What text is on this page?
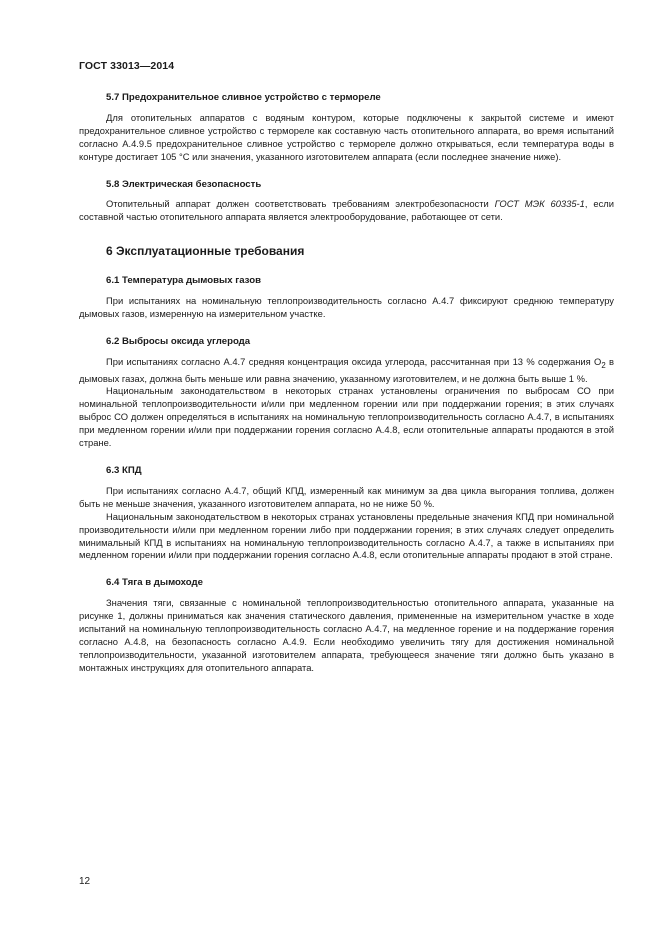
ГОСТ 33013—2014
5.7 Предохранительное сливное устройство с термореле

Для отопительных аппаратов с водяным контуром, которые подключены к закрытой системе и имеют предохранительное сливное устройство с термореле как составную часть отопительного аппарата, во время испытаний согласно А.4.9.5 предохранительное сливное устройство с термореле должно открываться, если температура воды в контуре достигает 105 °С или значения, указанного изготовителем аппарата (если последнее значение ниже).

5.8 Электрическая безопасность

Отопительный аппарат должен соответствовать требованиям электробезопасности ГОСТ МЭК 60335-1, если составной частью отопительного аппарата является электрооборудование, работающее от сети.

6 Эксплуатационные требования
6.1 Температура дымовых газов

При испытаниях на номинальную теплопроизводительность согласно А.4.7 фиксируют среднюю температуру дымовых газов, измеренную на измерительном участке.

6.2 Выбросы оксида углерода

При испытаниях согласно А.4.7 средняя концентрация оксида углерода, рассчитанная при 13 % содержания $О_2$ в дымовых газах, должна быть меньше или равна значению, указанному изготовителем, и не должна быть выше 1 %.

Национальным законодательством в некоторых странах установлены ограничения по выбросам СО при номинальной теплопроизводительности и/или при медленном горении или при поддержании горения; в этих случаях выброс СО должен определяться в испытаниях на номинальную теплопроизводительность согласно А.4.7, в испытаниях при медленном горении и/или при поддержании горения согласно А.4.8, если отопительные аппараты продаются в этой стране.

6.3 КПД

При испытаниях согласно А.4.7, общий КПД, измеренный как минимум за два цикла выгорания топлива, должен быть не меньше значения, указанного изготовителем аппарата, но не ниже 50 %.

Национальным законодательством в некоторых странах установлены предельные значения КПД при номинальной производительности и/или при медленном горении либо при поддержании горения; в этих случаях следует определить минимальный КПД в испытаниях на номинальную теплопроизводительность согласно А.4.7, а также в испытаниях при медленном горении и/или при поддержании горения согласно А.4.8, если отопительные аппараты продают в этой стране.

6.4 Тяга в дымоходе

Значения тяги, связанные с номинальной теплопроизводительностью отопительного аппарата, указанные на рисунке 1, должны приниматься как значения статического давления, примененные на измерительном участке в ходе испытаний на номинальную теплопроизводительность согласно А.4.7, на медленное горение и на поддержание горения согласно А.4.8, на безопасность согласно А.4.9. Если необходимо увеличить тягу для достижения номинальной теплопроизводительности, указанной изготовителем аппарата, требующееся значение тяги должно быть указано в монтажных инструкциях для отопительного аппарата.

12
